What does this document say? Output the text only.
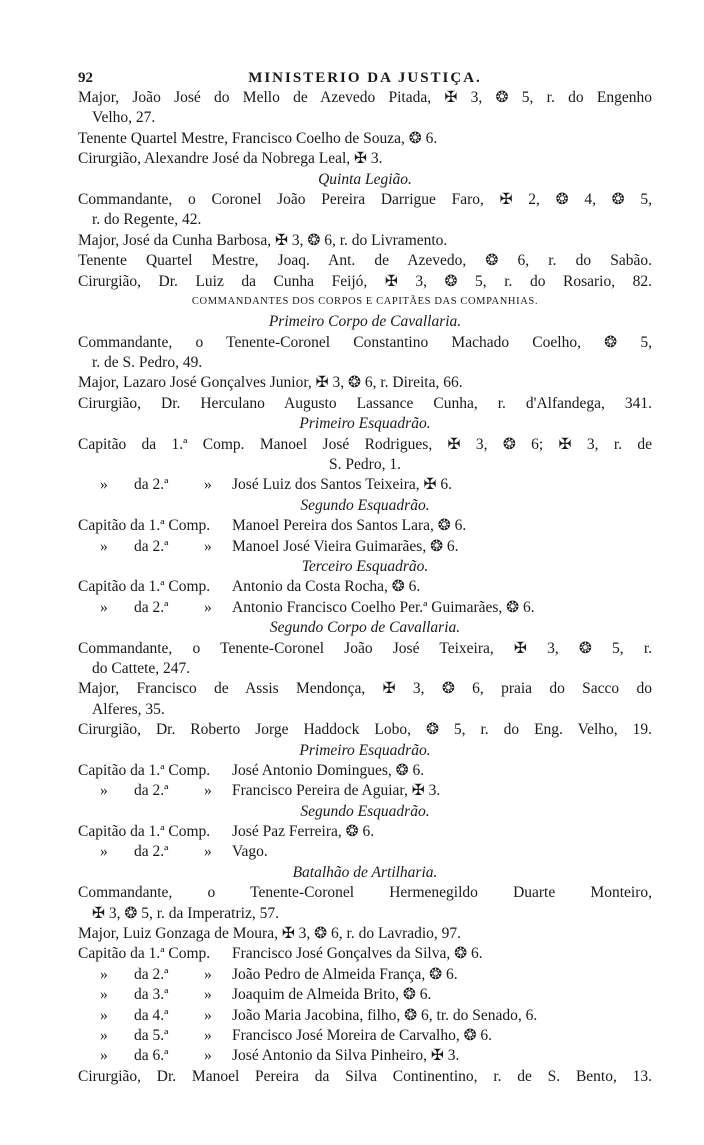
92	MINISTERIO DA JUSTIÇA.
Major, João José do Mello de Azevedo Pitada, ✠ 3, ❂ 5, r. do Engenho
Velho, 27.
Tenente Quartel Mestre, Francisco Coelho de Souza, ❂ 6.
Cirurgião, Alexandre José da Nobrega Leal, ✠ 3.
Quinta Legião.
Commandante, o Coronel João Pereira Darrigue Faro, ✠ 2, ❂ 4, ❂ 5,
r. do Regente, 42.
Major, José da Cunha Barbosa, ✠ 3, ❂ 6, r. do Livramento.
Tenente Quartel Mestre, Joaq. Ant. de Azevedo, ❂ 6, r. do Sabão.
Cirurgião, Dr. Luiz da Cunha Feijó, ✠ 3, ❂ 5, r. do Rosario, 82.
COMMANDANTES DOS CORPOS E CAPITÃES DAS COMPANHIAS.
Primeiro Corpo de Cavallaria.
Commandante, o Tenente-Coronel Constantino Machado Coelho, ❂ 5,
r. de S. Pedro, 49.
Major, Lazaro José Gonçalves Junior, ✠ 3, ❂ 6, r. Direita, 66.
Cirurgião, Dr. Herculano Augusto Lassance Cunha, r. d'Alfandega, 341.
Primeiro Esquadrão.
Capitão da 1.ª Comp. Manoel José Rodrigues, ✠ 3, ❂ 6; ✠ 3, r. de
S. Pedro, 1.
» da 2.ª » José Luiz dos Santos Teixeira, ✠ 6.
Segundo Esquadrão.
Capitão da 1.ª Comp. Manoel Pereira dos Santos Lara, ❂ 6.
» da 2.ª » Manoel José Vieira Guimarães, ❂ 6.
Terceiro Esquadrão.
Capitão da 1.ª Comp. Antonio da Costa Rocha, ❂ 6.
» da 2.ª » Antonio Francisco Coelho Per.ª Guimarães, ❂ 6.
Segundo Corpo de Cavallaria.
Commandante, o Tenente-Coronel João José Teixeira, ✠ 3, ❂ 5, r.
do Cattete, 247.
Major, Francisco de Assis Mendonça, ✠ 3, ❂ 6, praia do Sacco do
Alferes, 35.
Cirurgião, Dr. Roberto Jorge Haddock Lobo, ❂ 5, r. do Eng. Velho, 19.
Primeiro Esquadrão.
Capitão da 1.ª Comp. José Antonio Domingues, ❂ 6.
» da 2.ª » Francisco Pereira de Aguiar, ✠ 3.
Segundo Esquadrão.
Capitão da 1.ª Comp. José Paz Ferreira, ❂ 6.
» da 2.ª » Vago.
Batalhão de Artilharia.
Commandante, o Tenente-Coronel Hermenegildo Duarte Monteiro,
✠ 3, ❂ 5, r. da Imperatriz, 57.
Major, Luiz Gonzaga de Moura, ✠ 3, ❂ 6, r. do Lavradio, 97.
Capitão da 1.ª Comp. Francisco José Gonçalves da Silva, ❂ 6.
» da 2.ª » João Pedro de Almeida França, ❂ 6.
» da 3.ª » Joaquim de Almeida Brito, ❂ 6.
» da 4.ª » João Maria Jacobina, filho, ❂ 6, tr. do Senado, 6.
» da 5.ª » Francisco José Moreira de Carvalho, ❂ 6.
» da 6.ª » José Antonio da Silva Pinheiro, ✠ 3.
Cirurgião, Dr. Manoel Pereira da Silva Continentino, r. de S. Bento, 13.
